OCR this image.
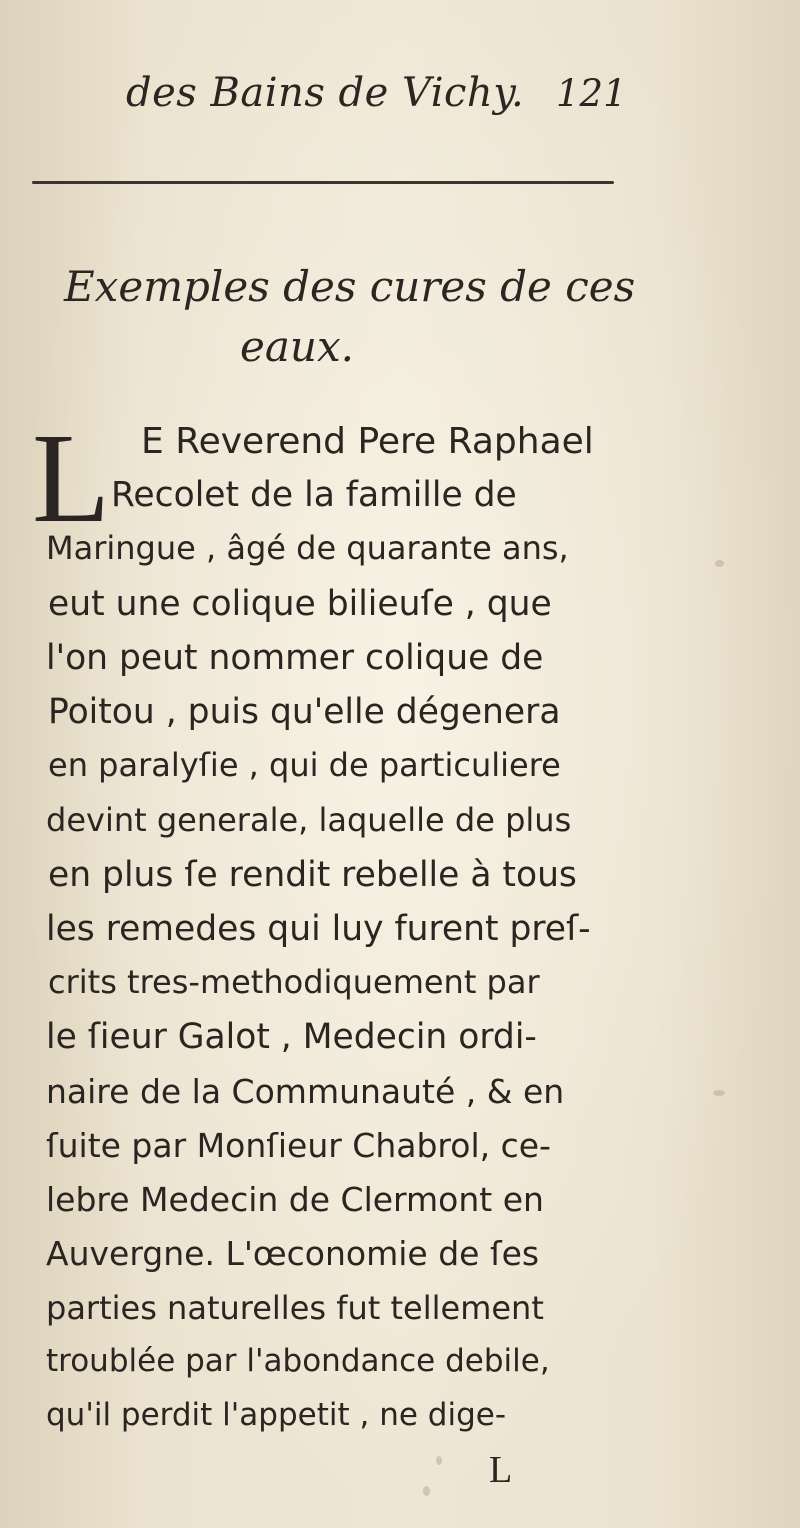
des Bains de Vichy. 121
Exemples des cures de ces
eaux.
L E Reverend Pere Raphael
Recolet de la famille de
Maringue , âgé de quarante ans,
eut une colique bilieuſe , que
l'on peut nommer colique de
Poitou , puis qu'elle dégenera
en paralyſie , qui de particuliere
devint generale, laquelle de plus
en plus ſe rendit rebelle à tous
les remedes qui luy furent preſ-
crits tres-methodiquement par
le ſieur Galot , Medecin ordi-
naire de la Communauté , & en
ſuite par Monſieur Chabrol, ce-
lebre Medecin de Clermont en
Auvergne. L'œconomie de ſes
parties naturelles fut tellement
troublée par l'abondance debile,
qu'il perdit l'appetit , ne dige-
L
